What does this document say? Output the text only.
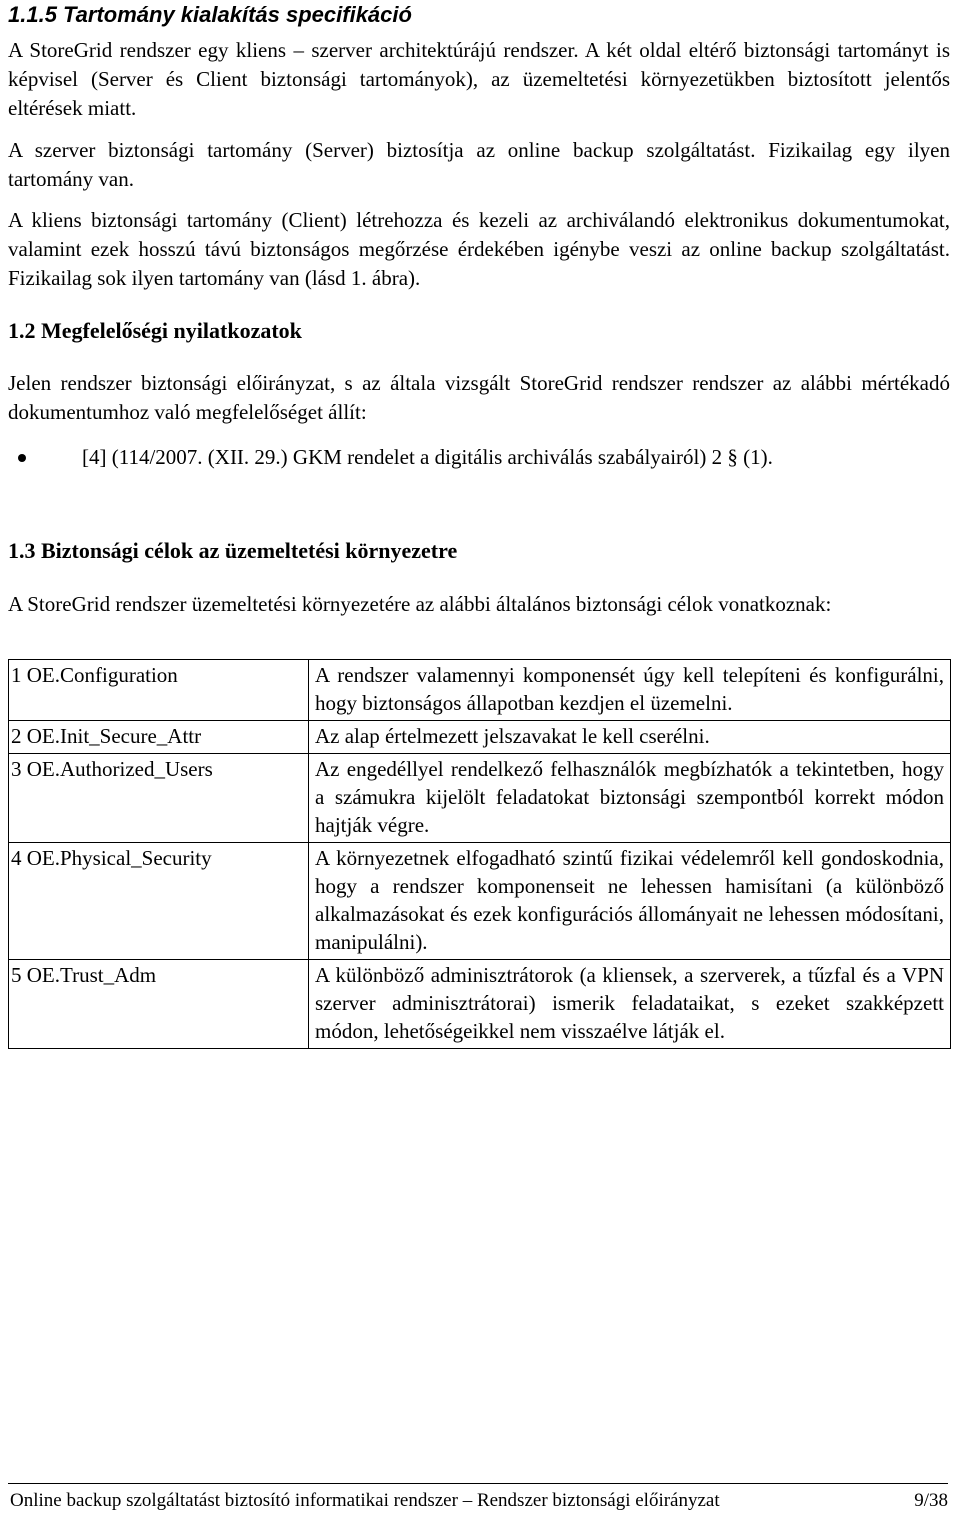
1.1.5 Tartomány kialakítás specifikáció

A StoreGrid rendszer egy kliens – szerver architektúrájú rendszer. A két oldal eltérő biztonsági tartományt is képvisel (Server és Client biztonsági tartományok), az üzemeltetési környezetükben biztosított jelentős eltérések miatt.

A szerver biztonsági tartomány (Server) biztosítja az online backup szolgáltatást. Fizikailag egy ilyen tartomány van.

A kliens biztonsági tartomány (Client) létrehozza és kezeli az archiválandó elektronikus dokumentumokat, valamint ezek hosszú távú biztonságos megőrzése érdekében igénybe veszi az online backup szolgáltatást. Fizikailag sok ilyen tartomány van (lásd 1. ábra).

1.2 Megfelelőségi nyilatkozatok

Jelen rendszer biztonsági előirányzat, s az általa vizsgált StoreGrid rendszer rendszer az alábbi mértékadó dokumentumhoz való megfelelőséget állít:

[4] (114/2007. (XII. 29.) GKM rendelet a digitális archiválás szabályairól) 2 § (1).
1.3 Biztonsági célok az üzemeltetési környezetre

A StoreGrid rendszer üzemeltetési környezetére az alábbi általános biztonsági célok vonatkoznak:

1 OE.Configuration	A rendszer valamennyi komponensét úgy kell telepíteni és konfigurálni, hogy biztonságos állapotban kezdjen el üzemelni.
2 OE.Init_Secure_Attr	Az alap értelmezett jelszavakat le kell cserélni.
3 OE.Authorized_Users	Az engedéllyel rendelkező felhasználók megbízhatók a tekintetben, hogy a számukra kijelölt feladatokat biztonsági szempontból korrekt módon hajtják végre.
4 OE.Physical_Security	A környezetnek elfogadható szintű fizikai védelemről kell gondoskodnia, hogy a rendszer komponenseit ne lehessen hamisítani (a különböző alkalmazásokat és ezek konfigurációs állományait ne lehessen módosítani, manipulálni).
5 OE.Trust_Adm	A különböző adminisztrátorok (a kliensek, a szerverek, a tűzfal és a VPN szerver adminisztrátorai) ismerik feladataikat, s ezeket szakképzett módon, lehetőségeikkel nem visszaélve látják el.
Online backup szolgáltatást biztosító informatikai rendszer – Rendszer biztonsági előirányzat	9/38
